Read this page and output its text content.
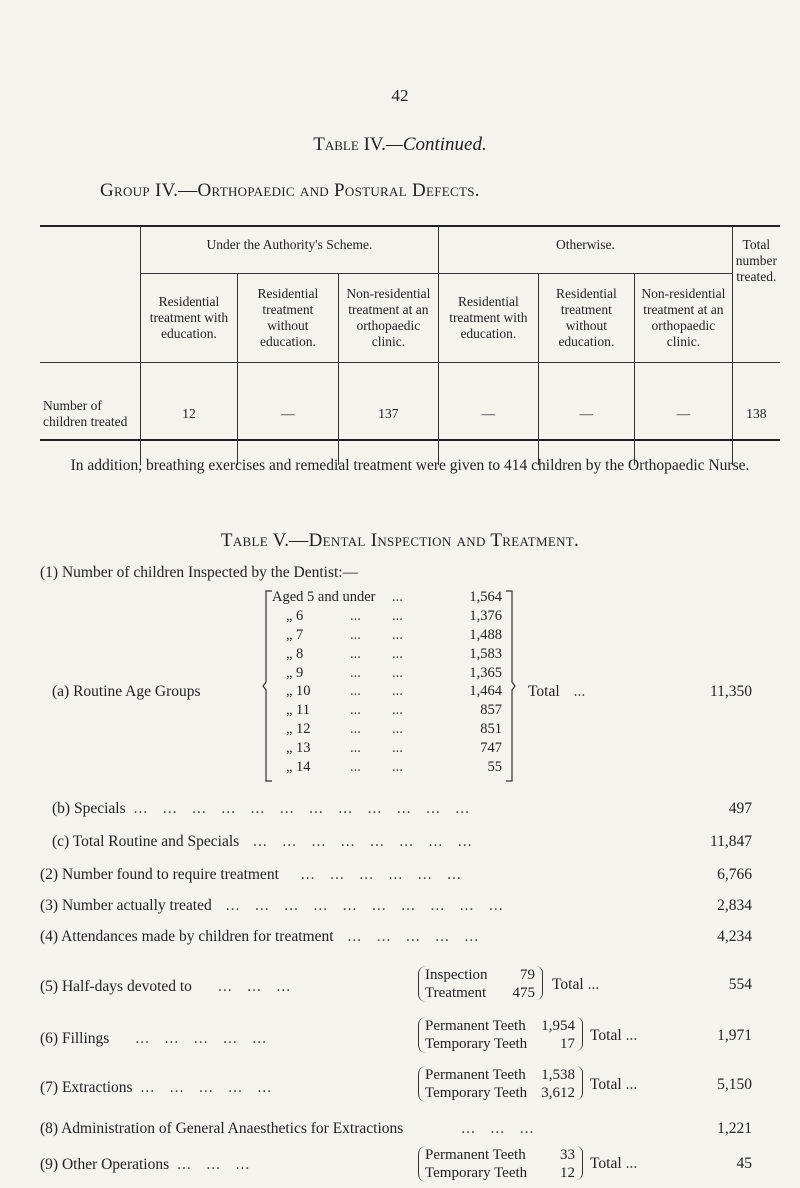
42
Table IV.—Continued.
Group IV.—Orthopaedic and Postural Defects.
	Under the Authority's Scheme.			Otherwise.			Total number treated.
	Residential treatment with education.	Residential treatment without education.	Non-residential treatment at an orthopaedic clinic.	Residential treatment with education.	Residential treatment without education.	Non-residential treatment at an orthopaedic clinic.	
Number of children treated	12	—	137	—	—	—	138
In addition, breathing exercises and remedial treatment were given to 414 children by the Orthopaedic Nurse.
Table V.—Dental Inspection and Treatment.
(1) Number of children Inspected by the Dentist:—
(a) Routine Age Groups
Aged 5 and under ...	1,564
„ 6	... ...	1,376
„ 7	... ...	1,488
„ 8	... ...	1,583
„ 9	... ...	1,365
„ 10	... ...	1,464
„ 11	... ...	857
„ 12	... ...	851
„ 13	... ...	747
„ 14	... ...	55
Total ...	11,350
(b) Specials ...   ...   ...   ...   ...   ...   ...   ...   ...   ...   ...   ...	497
(c) Total Routine and Specials ...   ...   ...   ...   ...   ...   ...   ...	11,847
(2) Number found to require treatment ...   ...   ...   ...   ...   ...	6,766
(3) Number actually treated ...   ...   ...   ...   ...   ...   ...   ...   ...   ...	2,834
(4) Attendances made by children for treatment ...   ...   ...   ...   ...	4,234
(5) Half-days devoted to ...   ...   ...
Inspection 79
Treatment 475 Total ...	554
(6) Fillings ...   ...   ...   ...   ...
Permanent Teeth 1,954
Temporary Teeth 17 Total ...	1,971
(7) Extractions ...   ...   ...   ...   ...
Permanent Teeth 1,538
Temporary Teeth 3,612 Total ...	5,150
(8) Administration of General Anaesthetics for Extractions	...   ...   ...	1,221
(9) Other Operations ...   ...   ...
Permanent Teeth 33
Temporary Teeth 12
Total ...	45
